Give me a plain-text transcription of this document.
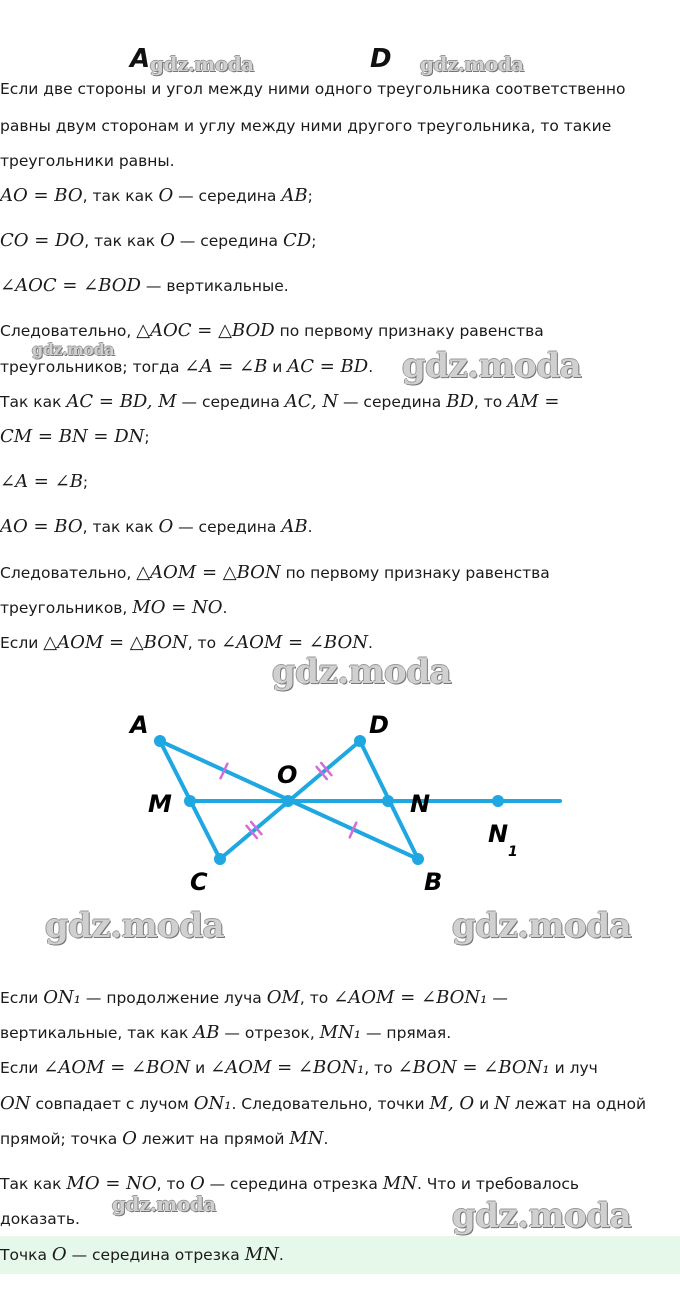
A gdz.moda	D gdz.moda
Если две стороны и угол между ними одного треугольника соответственно
равны двум сторонам и углу между ними другого треугольника, то такие
треугольники равны.
AO = BO, так как O — середина AB;
CO = DO, так как O — середина CD;
∠AOC = ∠BOD — вертикальные.
Следовательно, △AOC = △BOD по первому признаку равенства
gdz.moda
треугольников; тогда ∠A = ∠B и AC = BD. gdz.moda
Так как AC = BD, M — середина AC, N — середина BD, то AM =
CM = BN = DN;
∠A = ∠B;
AO = BO, так как O — середина AB.
Следовательно, △AOM = △BON по первому признаку равенства
треугольников, MO = NO.
Если △AOM = △BON, то ∠AOM = ∠BON.
gdz.moda
A	D
O
M	N
N
1
C	B
gdz.moda	gdz.moda
Если ON₁ — продолжение луча OM, то ∠AOM = ∠BON₁ —
вертикальные, так как AB — отрезок, MN₁ — прямая.
Если ∠AOM = ∠BON и ∠AOM = ∠BON₁, то ∠BON = ∠BON₁ и луч
ON совпадает с лучом ON₁. Следовательно, точки M, O и N лежат на одной
прямой; точка O лежит на прямой MN.
Так как MO = NO, то O — середина отрезка MN. Что и требовалось
gdz.moda
доказать.	gdz.moda
Точка O — середина отрезка MN.
